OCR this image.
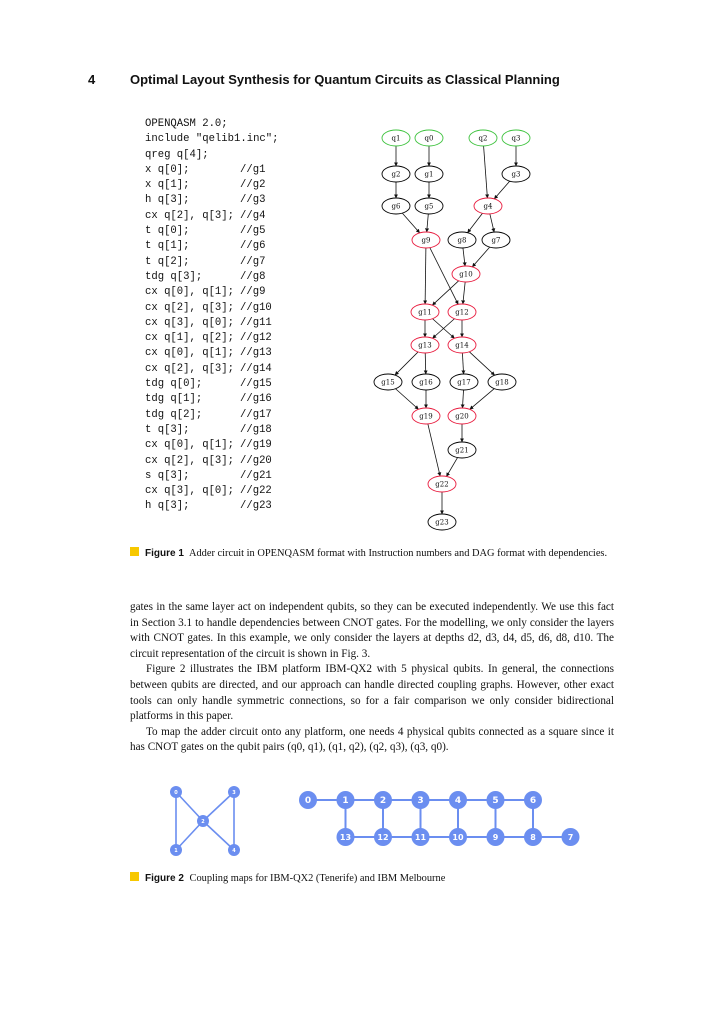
4	Optimal Layout Synthesis for Quantum Circuits as Classical Planning
OPENQASM 2.0;
include "qelib1.inc";
qreg q[4];
x q[0];	//g1
x q[1];	//g2
h q[3];	//g3
cx q[2], q[3]; //g4
t q[0];	//g5
t q[1];	//g6
t q[2];	//g7
tdg q[3];	//g8
cx q[0], q[1]; //g9
cx q[2], q[3]; //g10
cx q[3], q[0]; //g11
cx q[1], q[2]; //g12
cx q[0], q[1]; //g13
cx q[2], q[3]; //g14
tdg q[0];	//g15
tdg q[1];	//g16
tdg q[2];	//g17
t q[3];	//g18
cx q[0], q[1]; //g19
cx q[2], q[3]; //g20
s q[3];	//g21
cx q[3], q[0]; //g22
h q[3];	//g23
q1	q0	q2	q3
g2	g1	g3
g6	g5	g4
g9	g8	g7
g10
g11	g12
g13	g14
g15	g16	g17	g18
g19	g20
g21
g22
g23
Figure 1 Adder circuit in OPENQASM format with Instruction numbers and DAG format with dependencies.

gates in the same layer act on independent qubits, so they can be executed independently. We use this fact in Section 3.1 to handle dependencies between CNOT gates. For the modelling, we only consider the layers with CNOT gates. In this example, we only consider the layers at depths d2, d3, d4, d5, d6, d8, d10. The circuit representation of the circuit is shown in Fig. 3.

Figure 2 illustrates the IBM platform IBM-QX2 with 5 physical qubits. In general, the connections between qubits are directed, and our approach can handle directed coupling graphs. However, other exact tools can only handle symmetric connections, so for a fair comparison we only consider bidirectional platforms in this paper.

To map the adder circuit onto any platform, one needs 4 physical qubits connected as a square since it has CNOT gates on the qubit pairs (q0, q1), (q1, q2), (q2, q3), (q3, q0).

0
1
2
3
4
0	1	2	3	4	5	6
13	12	11	10	9	8	7
Figure 2 Coupling maps for IBM-QX2 (Tenerife) and IBM Melbourne
